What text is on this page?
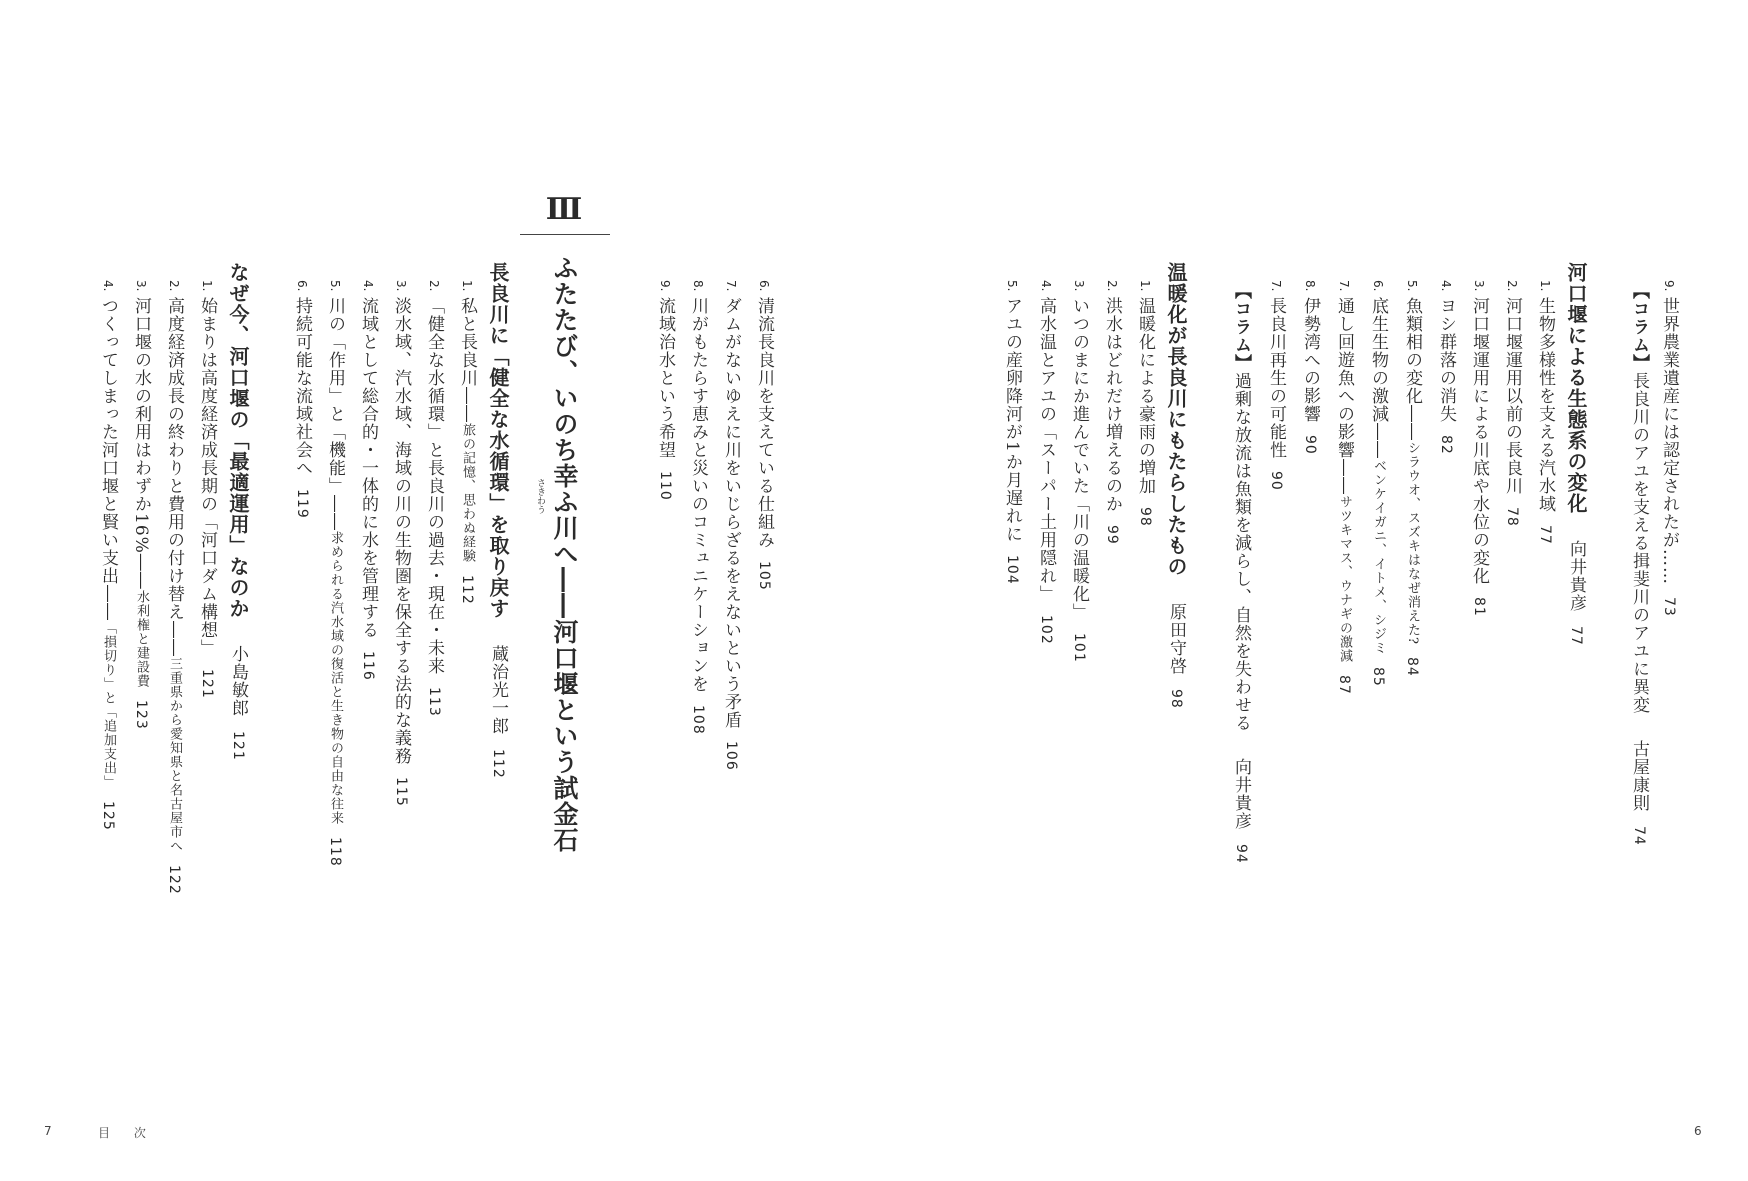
Ⅲ
ふたたび、いのち幸ふ川へ――河口堰という試金石
さきわう
9.
世界農業遺産には認定されたが……
73
【コラム】
長良川のアユを支える揖斐川のアユに異変
古屋康則
74
河口堰による生態系の変化
向井貴彦
77
1.
生物多様性を支える汽水域
77
2.
河口堰運用以前の長良川
78
3.
河口堰運用による川底や水位の変化
81
4.
ヨシ群落の消失
82
5.
魚類相の変化――
シラウオ、スズキはなぜ消えた?
84
6.
底生生物の激減――
ベンケイガニ、イトメ、シジミ
85
7.
通し回遊魚への影響――
サツキマス、ウナギの激減
87
8.
伊勢湾への影響
90
7.
長良川再生の可能性
90
【コラム】
過剰な放流は魚類を減らし、自然を失わせる
向井貴彦
94
温暖化が長良川にもたらしたもの
原田守啓
98
1.
温暖化による豪雨の増加
98
2.
洪水はどれだけ増えるのか
99
3.
いつのまにか進んでいた「川の温暖化」
101
4.
高水温とアユの「スーパー土用隠れ」
102
5.
アユの産卵降河が1か月遅れに
104
6.
清流長良川を支えている仕組み
105
7.
ダムがないゆえに川をいじらざるをえないという矛盾
106
8.
川がもたらす恵みと災いのコミュニケーションを
108
9.
流域治水という希望
110
長良川に「健全な水循環」を取り戻す
蔵治光一郎
112
1.
私と長良川――
旅の記憶、思わぬ経験
112
2.
「健全な水循環」と長良川の過去・現在・未来
113
3.
淡水域、汽水域、海域の川の生物圏を保全する法的な義務
115
4.
流域として総合的・一体的に水を管理する
116
5.
川の「作用」と「機能」――
求められる汽水域の復活と生き物の自由な往来
118
6.
持続可能な流域社会へ
119
なぜ今、河口堰の「最適運用」なのか
小島敏郎
121
1.
始まりは高度経済成長期の「河口ダム構想」
121
2.
高度経済成長の終わりと費用の付け替え――
三重県から愛知県と名古屋市へ
122
3.
河口堰の水の利用はわずか16%――
水利権と建設費
123
4.
つくってしまった河口堰と賢い支出――
「損切り」と「追加支出」
125
7	目 次	6
